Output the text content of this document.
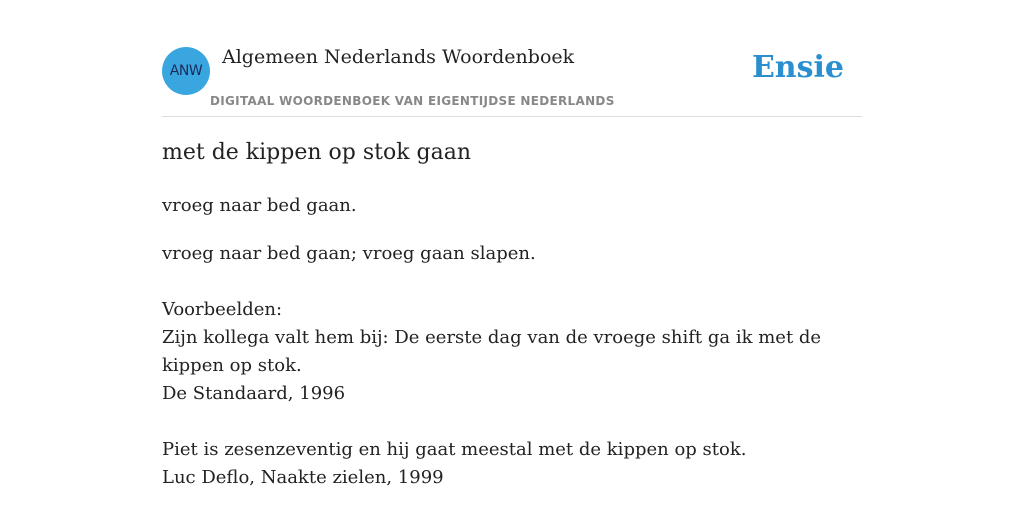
ANW
Algemeen Nederlands Woordenboek
DIGITAAL WOORDENBOEK VAN EIGENTIJDSE NEDERLANDS
Ensie
met de kippen op stok gaan
vroeg naar bed gaan.

vroeg naar bed gaan; vroeg gaan slapen.

Voorbeelden:

Zijn kollega valt hem bij: De eerste dag van de vroege shift ga ik met de kippen op stok.

De Standaard, 1996

Piet is zesenzeventig en hij gaat meestal met de kippen op stok.

Luc Deflo, Naakte zielen, 1999
